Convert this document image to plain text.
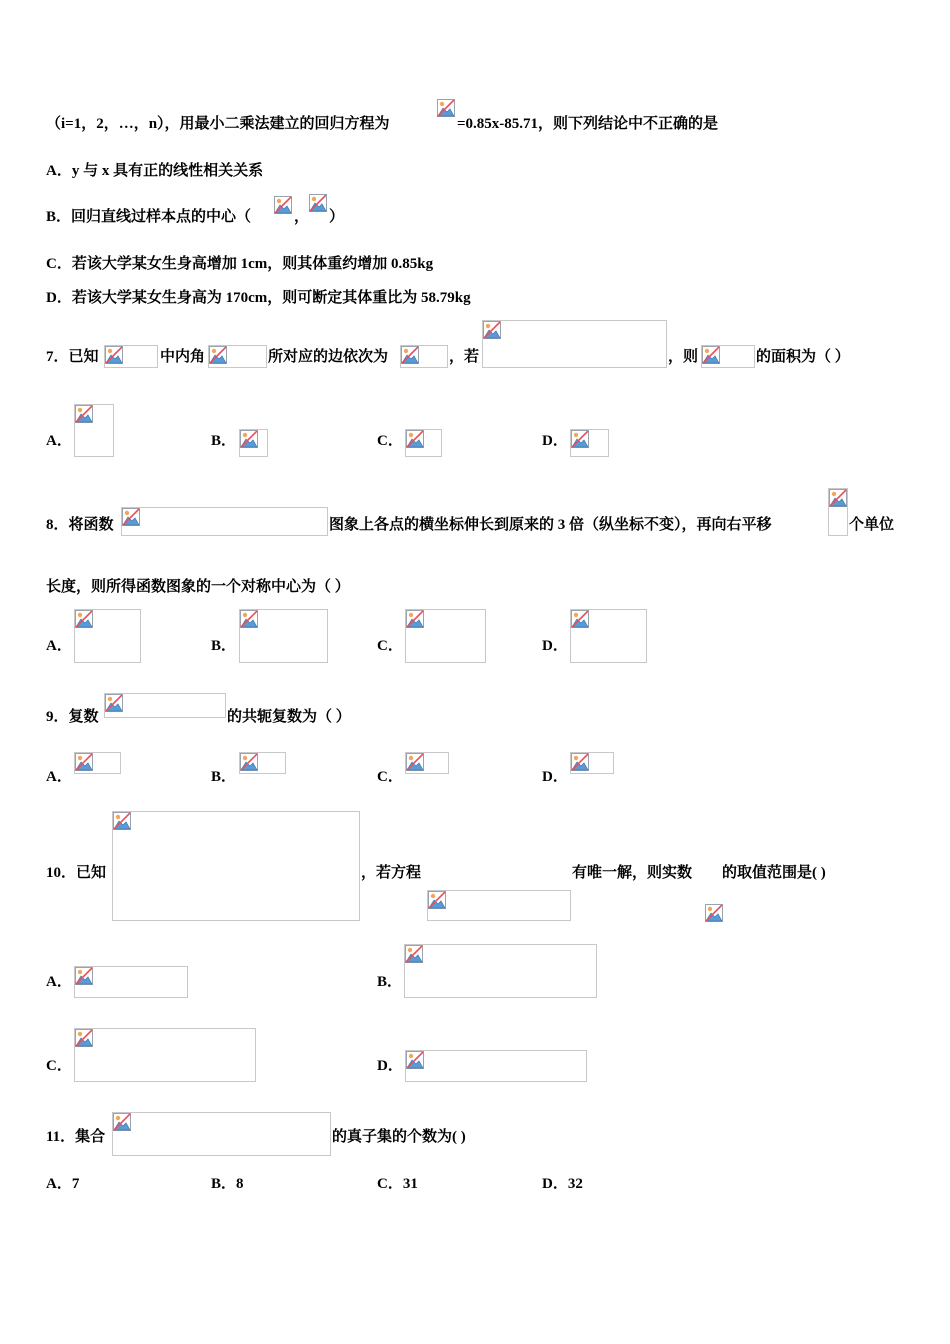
（i=1，2，…，n），用最小二乘法建立的回归方程为	=0.85x-85.71，则下列结论中不正确的是
A．y 与 x 具有正的线性相关关系
B．回归直线过样本点的中心（	， ）
C．若该大学某女生身高增加 1cm，则其体重约增加 0.85kg
D．若该大学某女生身高为 170cm，则可断定其体重比为 58.79kg
7．已知	中内角	所对应的边依次为	，若	，则	的面积为（ ）
A．	B．	C．	D．
8．将函数	图象上各点的横坐标伸长到原来的 3 倍（纵坐标不变），再向右平移	个单位
长度，则所得函数图象的一个对称中心为（ ）
A．	B．	C．	D．
9．复数	的共轭复数为（ ）
A．	B．	C．	D．
10．已知	，若方程	有唯一解，则实数 的取值范围是( )
A．	B．
C．	D．
11．集合	的真子集的个数为( )
A．7	B．8	C．31	D．32
